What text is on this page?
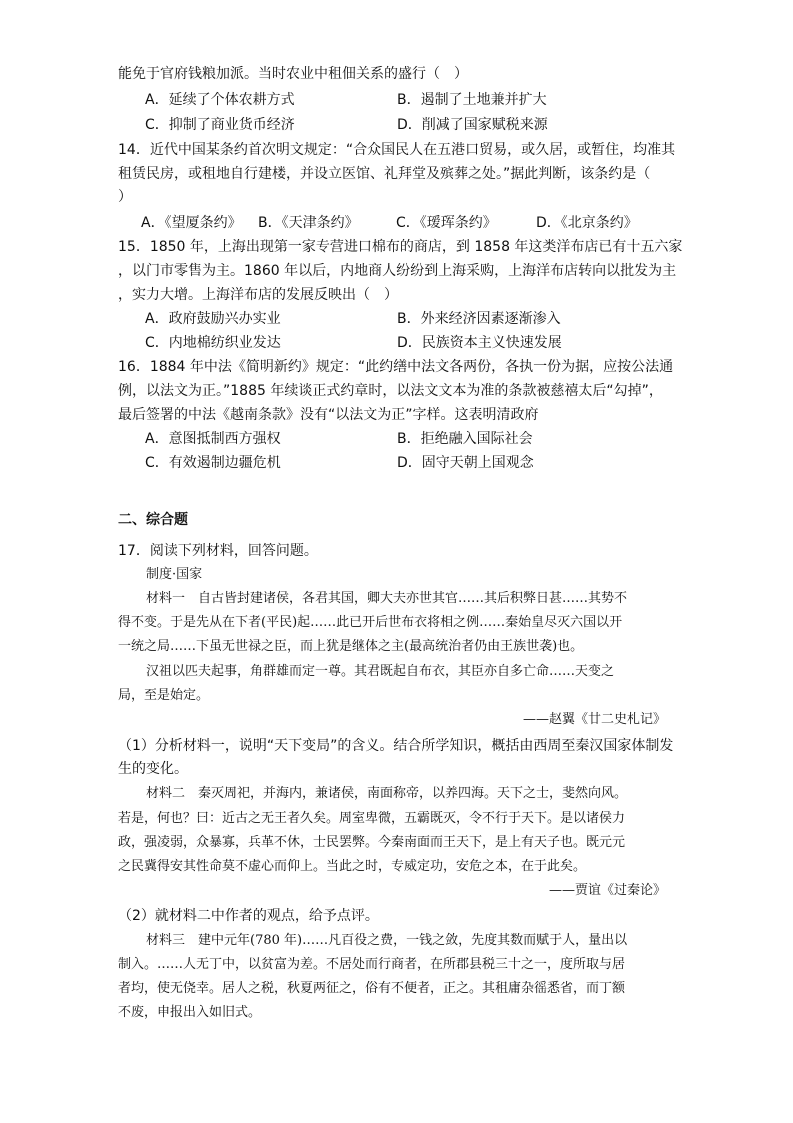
能免于官府钱粮加派。当时农业中租佃关系的盛行（　）
A．延续了个体农耕方式	B．遏制了土地兼并扩大
C．抑制了商业货币经济	D．削减了国家赋税来源
14．近代中国某条约首次明文规定：“合众国民人在五港口贸易，或久居，或暂住，均准其
租赁民房，或租地自行建楼，并设立医馆、礼拜堂及殡葬之处。”据此判断，该条约是（
）
A．《望厦条约》 B．《天津条约》	C．《瑷珲条约》	D．《北京条约》
15．1850 年，上海出现第一家专营进口棉布的商店，到 1858 年这类洋布店已有十五六家
，以门市零售为主。1860 年以后，内地商人纷纷到上海采购，上海洋布店转向以批发为主
，实力大增。上海洋布店的发展反映出（　）
A．政府鼓励兴办实业	B．外来经济因素逐渐渗入
C．内地棉纺织业发达	D．民族资本主义快速发展
16．1884 年中法《简明新约》规定：“此约缮中法文各两份，各执一份为据，应按公法通
例，以法文为正。”1885 年续谈正式约章时，以法文文本为准的条款被慈禧太后“勾掉”，
最后签署的中法《越南条款》没有“以法文为正”字样。这表明清政府
A．意图抵制西方强权	B．拒绝融入国际社会
C．有效遏制边疆危机	D．固守天朝上国观念
二、综合题
17．阅读下列材料，回答问题。
制度·国家
材料一　自古皆封建诸侯，各君其国，卿大夫亦世其官……其后积弊日甚……其势不
得不变。于是先从在下者(平民)起……此已开后世布衣将相之例……秦始皇尽灭六国以开
一统之局……下虽无世禄之臣，而上犹是继体之主(最高统治者仍由王族世袭)也。
汉祖以匹夫起事，角群雄而定一尊。其君既起自布衣，其臣亦自多亡命……天变之
局，至是始定。
——赵翼《廿二史札记》
（1）分析材料一，说明“天下变局”的含义。结合所学知识，概括由西周至秦汉国家体制发
生的变化。
材料二　秦灭周祀，并海内，兼诸侯，南面称帝，以养四海。天下之士，斐然向风。
若是，何也？曰：近古之无王者久矣。周室卑微，五霸既灭，令不行于天下。是以诸侯力
政，强凌弱，众暴寡，兵革不休，士民罢弊。今秦南面而王天下，是上有天子也。既元元
之民冀得安其性命莫不虚心而仰上。当此之时，专威定功，安危之本，在于此矣。
——贾谊《过秦论》
（2）就材料二中作者的观点，给予点评。
材料三　建中元年(780 年)……凡百役之费，一钱之敛，先度其数而赋于人，量出以
制入。……人无丁中，以贫富为差。不居处而行商者，在所郡县税三十之一，度所取与居
者均，使无侥幸。居人之税，秋夏两征之，俗有不便者，正之。其租庸杂徭悉省，而丁额
不废，申报出入如旧式。
